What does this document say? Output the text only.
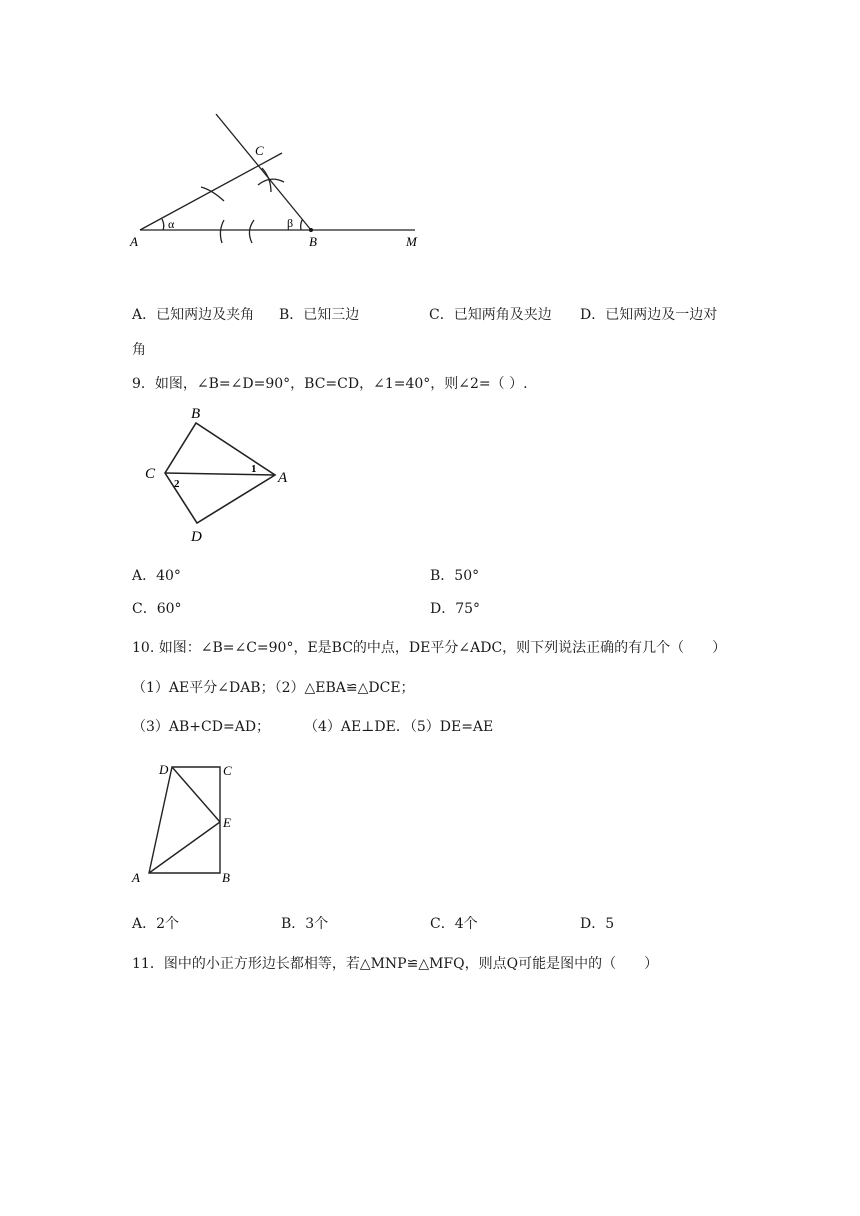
C
α	β
A	B	M
A．已知两边及夹角 B．已知三边	C．已知两角及夹边 D．已知两边及一边对
角
9．如图，∠B=∠D=90°，BC=CD，∠1=40°，则∠2=（ ）.
B
C	A
D
1
2
A．40°	B．50°
C．60°	D．75°
10. 如图：∠B=∠C=90°，E是BC的中点，DE平分∠ADC，则下列说法正确的有几个（　　）
（1）AE平分∠DAB；（2）△EBA≌△DCE；
（3）AB+CD=AD； （4）AE⊥DE．（5）DE=AE
D	C
E
A	B
A．2个	B．3个	C．4个	D．5
11．图中的小正方形边长都相等，若△MNP≌△MFQ，则点Q可能是图中的（　　）
